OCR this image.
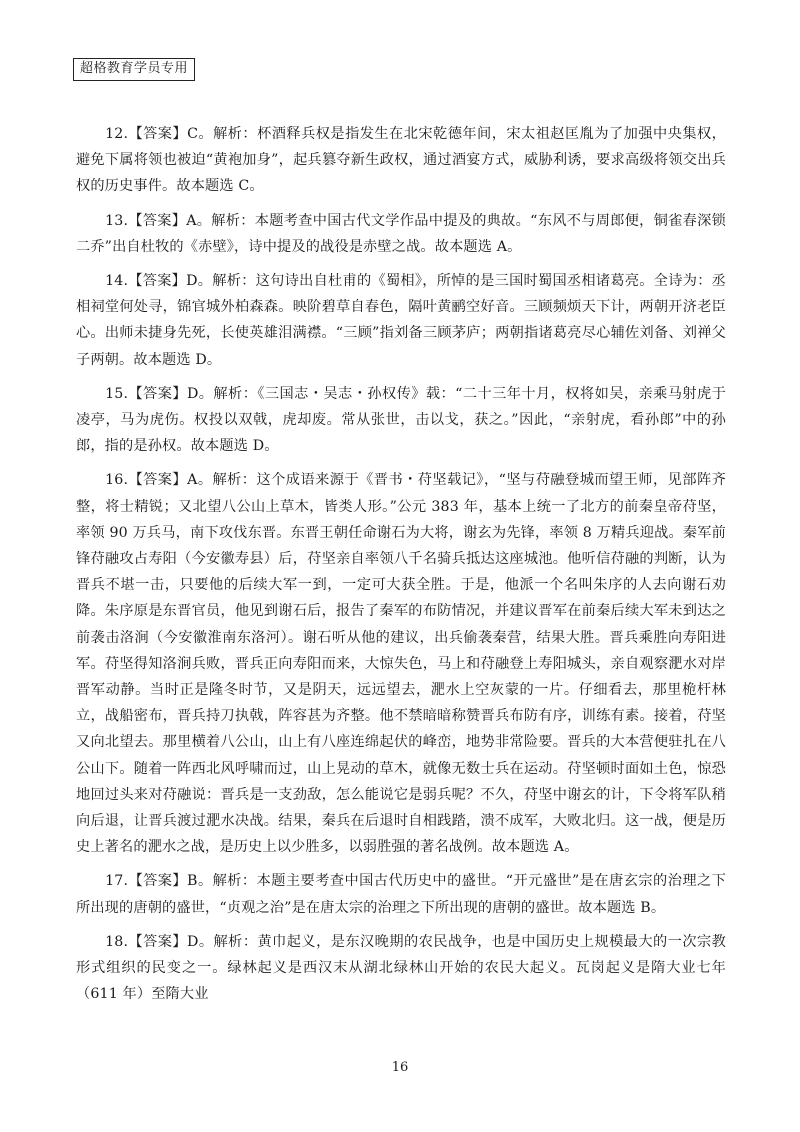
超格教育学员专用

12.【答案】C。解析：杯酒释兵权是指发生在北宋乾德年间，宋太祖赵匡胤为了加强中央集权，避免下属将领也被迫“黄袍加身”，起兵篡夺新生政权，通过酒宴方式，威胁利诱，要求高级将领交出兵权的历史事件。故本题选 C。

13.【答案】A。解析：本题考查中国古代文学作品中提及的典故。“东风不与周郎便，铜雀春深锁二乔”出自杜牧的《赤壁》，诗中提及的战役是赤壁之战。故本题选 A。

14.【答案】D。解析：这句诗出自杜甫的《蜀相》，所悼的是三国时蜀国丞相诸葛亮。全诗为：丞相祠堂何处寻，锦官城外柏森森。映阶碧草自春色，隔叶黄鹂空好音。三顾频烦天下计，两朝开济老臣心。出师未捷身先死，长使英雄泪满襟。“三顾”指刘备三顾茅庐；两朝指诸葛亮尽心辅佐刘备、刘禅父子两朝。故本题选 D。

15.【答案】D。解析：《三国志・吴志・孙权传》载：“二十三年十月，权将如吴，亲乘马射虎于凌亭，马为虎伤。权投以双戟，虎却废。常从张世，击以戈，获之。”因此，“亲射虎，看孙郎”中的孙郎，指的是孙权。故本题选 D。

16.【答案】A。解析：这个成语来源于《晋书・苻坚载记》，“坚与苻融登城而望王师，见部阵齐整，将士精锐；又北望八公山上草木，皆类人形。”公元 383 年，基本上统一了北方的前秦皇帝苻坚，率领 90 万兵马，南下攻伐东晋。东晋王朝任命谢石为大将，谢玄为先锋，率领 8 万精兵迎战。秦军前锋苻融攻占寿阳（今安徽寿县）后，苻坚亲自率领八千名骑兵抵达这座城池。他听信苻融的判断，认为晋兵不堪一击，只要他的后续大军一到，一定可大获全胜。于是，他派一个名叫朱序的人去向谢石劝降。朱序原是东晋官员，他见到谢石后，报告了秦军的布防情况，并建议晋军在前秦后续大军未到达之前袭击洛涧（今安徽淮南东洛河）。谢石听从他的建议，出兵偷袭秦营，结果大胜。晋兵乘胜向寿阳进军。苻坚得知洛涧兵败，晋兵正向寿阳而来，大惊失色，马上和苻融登上寿阳城头，亲自观察淝水对岸晋军动静。当时正是隆冬时节，又是阴天，远远望去，淝水上空灰蒙的一片。仔细看去，那里桅杆林立，战船密布，晋兵持刀执戟，阵容甚为齐整。他不禁暗暗称赞晋兵布防有序，训练有素。接着，苻坚又向北望去。那里横着八公山，山上有八座连绵起伏的峰峦，地势非常险要。晋兵的大本营便驻扎在八公山下。随着一阵西北风呼啸而过，山上晃动的草木，就像无数士兵在运动。苻坚顿时面如土色，惊恐地回过头来对苻融说：晋兵是一支劲敌，怎么能说它是弱兵呢？不久，苻坚中谢玄的计，下令将军队稍向后退，让晋兵渡过淝水决战。结果，秦兵在后退时自相践踏，溃不成军，大败北归。这一战，便是历史上著名的淝水之战，是历史上以少胜多，以弱胜强的著名战例。故本题选 A。

17.【答案】B。解析：本题主要考查中国古代历史中的盛世。“开元盛世”是在唐玄宗的治理之下所出现的唐朝的盛世，“贞观之治”是在唐太宗的治理之下所出现的唐朝的盛世。故本题选 B。

18.【答案】D。解析：黄巾起义，是东汉晚期的农民战争，也是中国历史上规模最大的一次宗教形式组织的民变之一。绿林起义是西汉末从湖北绿林山开始的农民大起义。瓦岗起义是隋大业七年（611 年）至隋大业

16
